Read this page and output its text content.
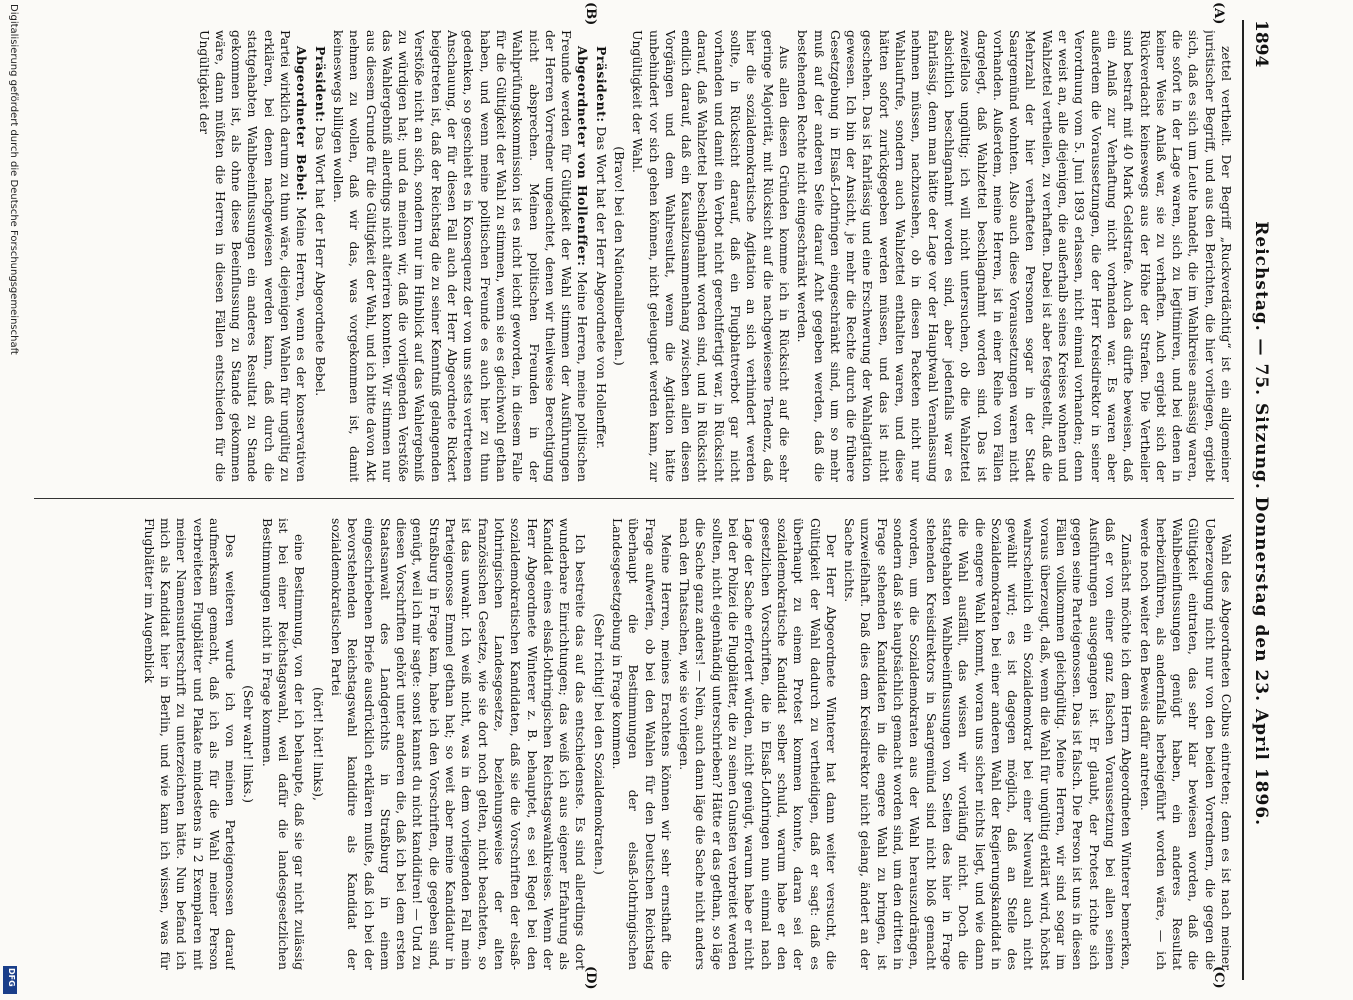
1894
Reichstag. — 75. Sitzung. Donnerstag den 23. April 1896.
(A)
(B)
(C)
(D)

zettel vertheilt. Der Begriff „Ruckverdächtig“ ist ein allgemeiner juristischer Begriff, und aus den Berichten, die hier vorliegen, ergiebt sich, daß es sich um Leute handelt, die im Wahlkreise ansässig waren, die sofort in der Lage waren, sich zu legitimiren, und bei denen in keiner Weise Anlaß war, sie zu verhaften. Auch ergiebt sich der Rückverdacht keineswegs aus der Höhe der Strafen. Die Vertheiler sind bestraft mit 40 Mark Geldstrafe. Auch das dürfte beweisen, daß ein Anlaß zur Verhaftung nicht vorhanden war. Es waren aber außerdem die Voraussetzungen, die der Herr Kreisdirektor in seiner Verordnung vom 5. Juni 1893 erlassen, nicht einmal vorhanden; denn er weist an, alle diejenigen, die außerhalb seines Kreises wohnen und Wahlzettel vertheilen, zu verhaften. Dabei ist aber festgestellt, daß die Mehrzahl der hier verhafteten Personen sogar in der Stadt Saargemünd wohnten. Also auch diese Voraussetzungen waren nicht vorhanden. Außerdem, meine Herren, ist in einer Reihe von Fällen dargelegt, daß Wahlzettel beschlagnahmt worden sind. Das ist zweifellos ungültig; ich will nicht untersuchen, ob die Wahlzettel absichtlich beschlagnahmt worden sind, aber jedenfalls war es fahrlässig, denn man hätte der Lage vor der Hauptwahl Veranlassung nehmen müssen, nachzusehen, ob in diesen Packeten nicht nur Wahlaufrufe, sondern auch Wahlzettel enthalten waren, und diese hätten sofort zurückgegeben werden müssen, und das ist nicht geschehen. Das ist fahrlässig und eine Erschwerung der Wahlagitation gewesen. Ich bin der Ansicht, je mehr die Rechte durch die frühere Gesetzgebung in Elsaß-Lothringen eingeschränkt sind, um so mehr muß auf der anderen Seite darauf Acht gegeben werden, daß die bestehenden Rechte nicht eingeschränkt werden.

Aus allen diesen Gründen komme ich in Rücksicht auf die sehr geringe Majorität, mit Rücksicht auf die nachgewiesene Tendenz, daß hier die sozialdemokratische Agitation an sich verhindert werden sollte, in Rücksicht darauf, daß ein Flugblattverbot gar nicht vorhanden und damit ein Verbot nicht gerechtfertigt war, in Rücksicht darauf, daß Wahlzettel beschlagnahmt worden sind, und in Rücksicht endlich darauf, daß ein Kausalzusammenhang zwischen allen diesen Vorgängen und dem Wahlresultat, wenn die Agitation hätte unbehindert vor sich gehen können, nicht geleugnet werden kann, zur Ungültigkeit der Wahl.

(Bravo! bei den Nationalliberalen.)

Präsident: Das Wort hat der Herr Abgeordnete von Hollenffer.

Abgeordneter von Hollenffer: Meine Herren, meine politischen Freunde werden für Gültigkeit der Wahl stimmen der Ausführungen der Herren Vorredner ungeachtet, denen wir theilweise Berechtigung nicht absprechen. Meinen politischen Freunden in der Wahlprüfungskommission ist es nicht leicht geworden, in diesem Falle für die Gültigkeit der Wahl zu stimmen, wenn sie es gleichwohl gethan haben, und wenn meine politischen Freunde es auch hier zu thun gedenken, so geschieht es in Konsequenz der von uns stets vertretenen Anschauung, der für diesen Fall auch der Herr Abgeordnete Rickert beigetreten ist, daß der Reichstag die zu seiner Kenntniß gelangenden Verstöße nicht an sich, sondern nur im Hinblick auf das Wahlergebniß zu würdigen hat; und da meinen wir, daß die vorliegenden Verstöße das Wahlergebniß allerdings nicht alteriren konnten. Wir stimmen nur aus diesem Grunde für die Gültigkeit der Wahl, und ich bitte davon Akt nehmen zu wollen, daß wir das, was vorgekommen ist, damit keineswegs billigen wollen.

Präsident: Das Wort hat der Herr Abgeordnete Bebel.

Abgeordneter Bebel: Meine Herren, wenn es der konservativen Partei wirklich darum zu thun wäre, diejenigen Wahlen für ungültig zu erklären, bei denen nachgewiesen werden kann, daß durch die stattgehabten Wahlbeeinflussungen ein anderes Resultat zu Stande gekommen ist, als ohne diese Beeinflussung zu Stande gekommen wäre, dann müßten die Herren in diesen Fällen entschieden für die Ungültigkeit der

Wahl des Abgeordneten Colbus eintreten; denn es ist nach meiner Ueberzeugung nicht nur von den beiden Vorrednern, die gegen die Gültigkeit eintraten, das sehr klar bewiesen worden, daß die Wahlbeeinflussungen genügt haben, ein anderes Resultat herbeizuführen, als andernfalls herbeigeführt worden wäre, — ich werde noch weiter den Beweis dafür antreten.

Zunächst möchte ich dem Herrn Abgeordneten Winterer bemerken, daß er von einer ganz falschen Voraussetzung bei allen seinen Ausführungen ausgegangen ist. Er glaubt, der Protest richte sich gegen seine Parteigenossen. Das ist falsch. Die Person ist uns in diesen Fällen vollkommen gleichgültig. Meine Herren, wir sind sogar im voraus überzeugt, daß, wenn die Wahl für ungültig erklärt wird, höchst wahrscheinlich ein Sozialdemokrat bei einer Neuwahl auch nicht gewählt wird; es ist dagegen möglich, daß an Stelle des Sozialdemokraten bei einer anderen Wahl der Regierungskandidat in die engere Wahl kommt, woran uns sicher nichts liegt, und wie dann die Wahl ausfällt, das wissen wir vorläufig nicht. Doch die stattgehabten Wahlbeeinflussungen von Seiten des hier in Frage stehenden Kreisdirektors in Saargemünd sind nicht bloß gemacht worden, um die Sozialdemokraten aus der Wahl herauszudrängen, sondern daß sie hauptsächlich gemacht worden sind, um den dritten in Frage stehenden Kandidaten in die engere Wahl zu bringen, ist unzweifelhaft. Daß dies dem Kreisdirektor nicht gelang, ändert an der Sache nichts.

Der Herr Abgeordnete Winterer hat dann weiter versucht, die Gültigkeit der Wahl dadurch zu vertheidigen, daß er sagt: daß es überhaupt zu einem Protest kommen konnte, daran sei der sozialdemokratische Kandidat selber schuld, warum habe er den gesetzlichen Vorschriften, die in Elsaß-Lothringen nun einmal nach Lage der Sache erfordert würden, nicht genügt, warum habe er nicht bei der Polizei die Flugblätter, die zu seinen Gunsten verbreitet werden sollten, nicht eigenhändig unterschrieben? Hätte er das gethan, so läge die Sache ganz anders! — Nein, auch dann läge die Sache nicht anders nach den Thatsachen, wie sie vorliegen.

Meine Herren, meines Erachtens können wir sehr ernsthaft die Frage aufwerfen, ob bei den Wahlen für den Deutschen Reichstag überhaupt die Bestimmungen der elsaß-lothringischen Landesgesetzgebung in Frage kommen.

(Sehr richtig! bei den Sozialdemokraten.)

Ich bestreite das auf das entschiedenste. Es sind allerdings dort wunderbare Einrichtungen; das weiß ich aus eigener Erfahrung als Kandidat eines elsaß-lothringischen Reichstagswahlkreises. Wenn der Herr Abgeordnete Winterer z. B. behauptet, es sei Regel bei den sozialdemokratischen Kandidaten, daß sie die Vorschriften der elsaß-lothringischen Landesgesetze, beziehungsweise der alten französischen Gesetze, wie sie dort noch gelten, nicht beachteten, so ist das unwahr. Ich weiß nicht, was in dem vorliegenden Fall mein Parteigenosse Emmel gethan hat; so weit aber meine Kandidatur in Straßburg in Frage kam, habe ich den Vorschriften, die gegeben sind, genügt, weil ich mir sagte: sonst kannst du nicht kandidiren! — Und zu diesen Vorschriften gehört unter anderen die, daß ich bei dem ersten Staatsanwalt des Landgerichts in Straßburg in einem eingeschriebenen Briefe ausdrücklich erklären mußte, daß ich bei der bevorstehenden Reichstagswahl kandidire als Kandidat der sozialdemokratischen Partei

(hört! hört! links),

eine Bestimmung, von der ich behaupte, daß sie gar nicht zulässig ist bei einer Reichstagswahl, weil dafür die landesgesetzlichen Bestimmungen nicht in Frage kommen.

(Sehr wahr! links.)

Des weiteren wurde ich von meinen Parteigenossen darauf aufmerksam gemacht, daß ich als für die Wahl meiner Person verbreiteten Flugblätter und Plakate mindestens in 2 Exemplaren mit meiner Namensunterschrift zu unterzeichnen hätte. Nun befand ich mich als Kandidat hier in Berlin, und wie kann ich wissen, was für Flugblätter im Augenblick

Digitalisierung gefördert durch die Deutsche Forschungsgemeinschaft
DFG
